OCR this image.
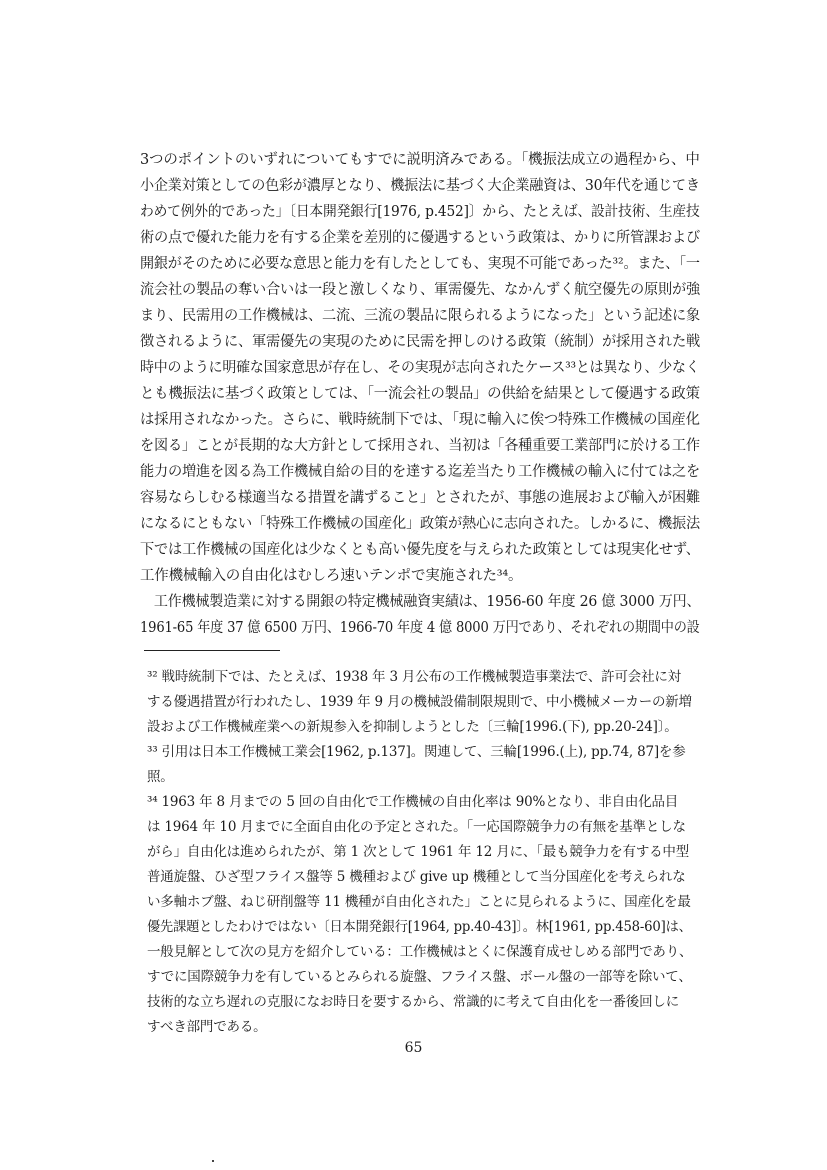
3つのポイントのいずれについてもすでに説明済みである。「機振法成立の過程から、中
小企業対策としての色彩が濃厚となり、機振法に基づく大企業融資は、30年代を通じてき
わめて例外的であった」〔日本開発銀行[1976, p.452]〕から、たとえば、設計技術、生産技
術の点で優れた能力を有する企業を差別的に優遇するという政策は、かりに所管課および
開銀がそのために必要な意思と能力を有したとしても、実現不可能であった³²。また、「一
流会社の製品の奪い合いは一段と激しくなり、軍需優先、なかんずく航空優先の原則が強
まり、民需用の工作機械は、二流、三流の製品に限られるようになった」という記述に象
徴されるように、軍需優先の実現のために民需を押しのける政策（統制）が採用された戦
時中のように明確な国家意思が存在し、その実現が志向されたケース³³とは異なり、少なく
とも機振法に基づく政策としては、「一流会社の製品」の供給を結果として優遇する政策
は採用されなかった。さらに、戦時統制下では、「現に輸入に俟つ特殊工作機械の国産化
を図る」ことが長期的な大方針として採用され、当初は「各種重要工業部門に於ける工作
能力の増進を図る為工作機械自給の目的を達する迄差当たり工作機械の輸入に付ては之を
容易ならしむる様適当なる措置を講ずること」とされたが、事態の進展および輸入が困難
になるにともない「特殊工作機械の国産化」政策が熱心に志向された。しかるに、機振法
下では工作機械の国産化は少なくとも高い優先度を与えられた政策としては現実化せず、
工作機械輸入の自由化はむしろ速いテンポで実施された³⁴。
　工作機械製造業に対する開銀の特定機械融資実績は、1956-60 年度 26 億 3000 万円、
1961-65 年度 37 億 6500 万円、1966-70 年度 4 億 8000 万円であり、それぞれの期間中の設
³² 戦時統制下では、たとえば、1938 年 3 月公布の工作機械製造事業法で、許可会社に対
する優遇措置が行われたし、1939 年 9 月の機械設備制限規則で、中小機械メーカーの新増
設および工作機械産業への新規参入を抑制しようとした〔三輪[1996.(下), pp.20-24]〕。
³³ 引用は日本工作機械工業会[1962, p.137]。関連して、三輪[1996.(上), pp.74, 87]を参
照。
³⁴ 1963 年 8 月までの 5 回の自由化で工作機械の自由化率は 90%となり、非自由化品目
は 1964 年 10 月までに全面自由化の予定とされた。「一応国際競争力の有無を基準としな
がら」自由化は進められたが、第 1 次として 1961 年 12 月に、「最も競争力を有する中型
普通旋盤、ひざ型フライス盤等 5 機種および give up 機種として当分国産化を考えられな
い多軸ホブ盤、ねじ研削盤等 11 機種が自由化された」ことに見られるように、国産化を最
優先課題としたわけではない〔日本開発銀行[1964, pp.40-43]〕。林[1961, pp.458-60]は、
一般見解として次の見方を紹介している：工作機械はとくに保護育成せしめる部門であり、
すでに国際競争力を有しているとみられる旋盤、フライス盤、ボール盤の一部等を除いて、
技術的な立ち遅れの克服になお時日を要するから、常識的に考えて自由化を一番後回しに
すべき部門である。
65
